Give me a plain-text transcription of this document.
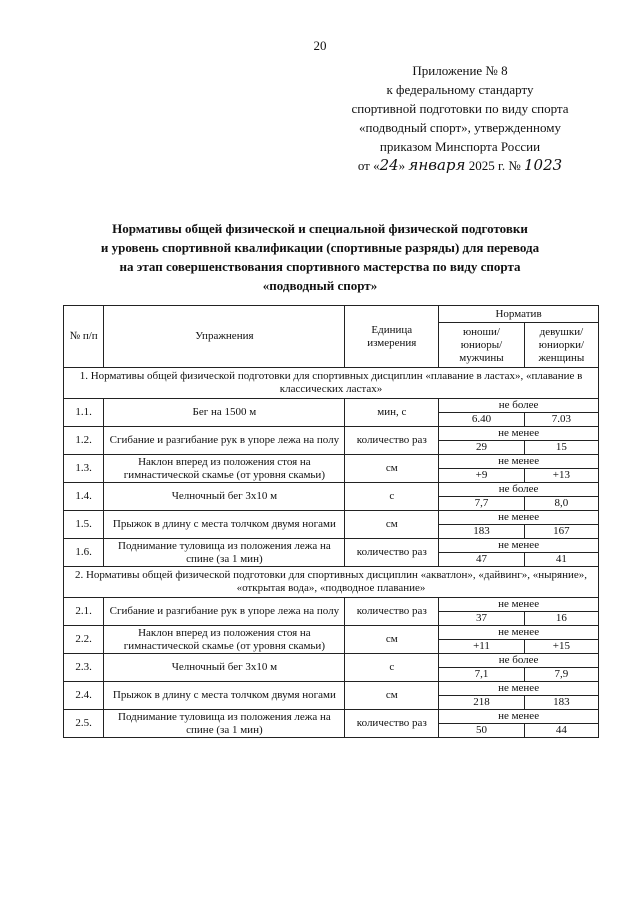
20
Приложение № 8
к федеральному стандарту
спортивной подготовки по виду спорта
«подводный спорт», утвержденному
приказом Минспорта России
от «24» января 2025 г. № 1023
Нормативы общей физической и специальной физической подготовки
и уровень спортивной квалификации (спортивные разряды) для перевода
на этап совершенствования спортивного мастерства по виду спорта
«подводный спорт»
№ п/п	Упражнения	Единица измерения	Норматив	
			юноши/ юниоры/ мужчины	девушки/ юниорки/ женщины
1. Нормативы общей физической подготовки для спортивных дисциплин «плавание в ластах», «плавание в классических ластах»				
1.1.	Бег на 1500 м	мин, с	не более	
			6.40	7.03
1.2.	Сгибание и разгибание рук в упоре лежа на полу	количество раз	не менее	
			29	15
1.3.	Наклон вперед из положения стоя на гимнастической скамье (от уровня скамьи)	см	не менее	
			+9	+13
1.4.	Челночный бег 3х10 м	с	не более	
			7,7	8,0
1.5.	Прыжок в длину с места толчком двумя ногами	см	не менее	
			183	167
1.6.	Поднимание туловища из положения лежа на спине (за 1 мин)	количество раз	не менее	
			47	41
2. Нормативы общей физической подготовки для спортивных дисциплин «акватлон», «дайвинг», «ныряние», «открытая вода», «подводное плавание»				
2.1.	Сгибание и разгибание рук в упоре лежа на полу	количество раз	не менее	
			37	16
2.2.	Наклон вперед из положения стоя на гимнастической скамье (от уровня скамьи)	см	не менее	
			+11	+15
2.3.	Челночный бег 3х10 м	с	не более	
			7,1	7,9
2.4.	Прыжок в длину с места толчком двумя ногами	см	не менее	
			218	183
2.5.	Поднимание туловища из положения лежа на спине (за 1 мин)	количество раз	не менее	
			50	44
